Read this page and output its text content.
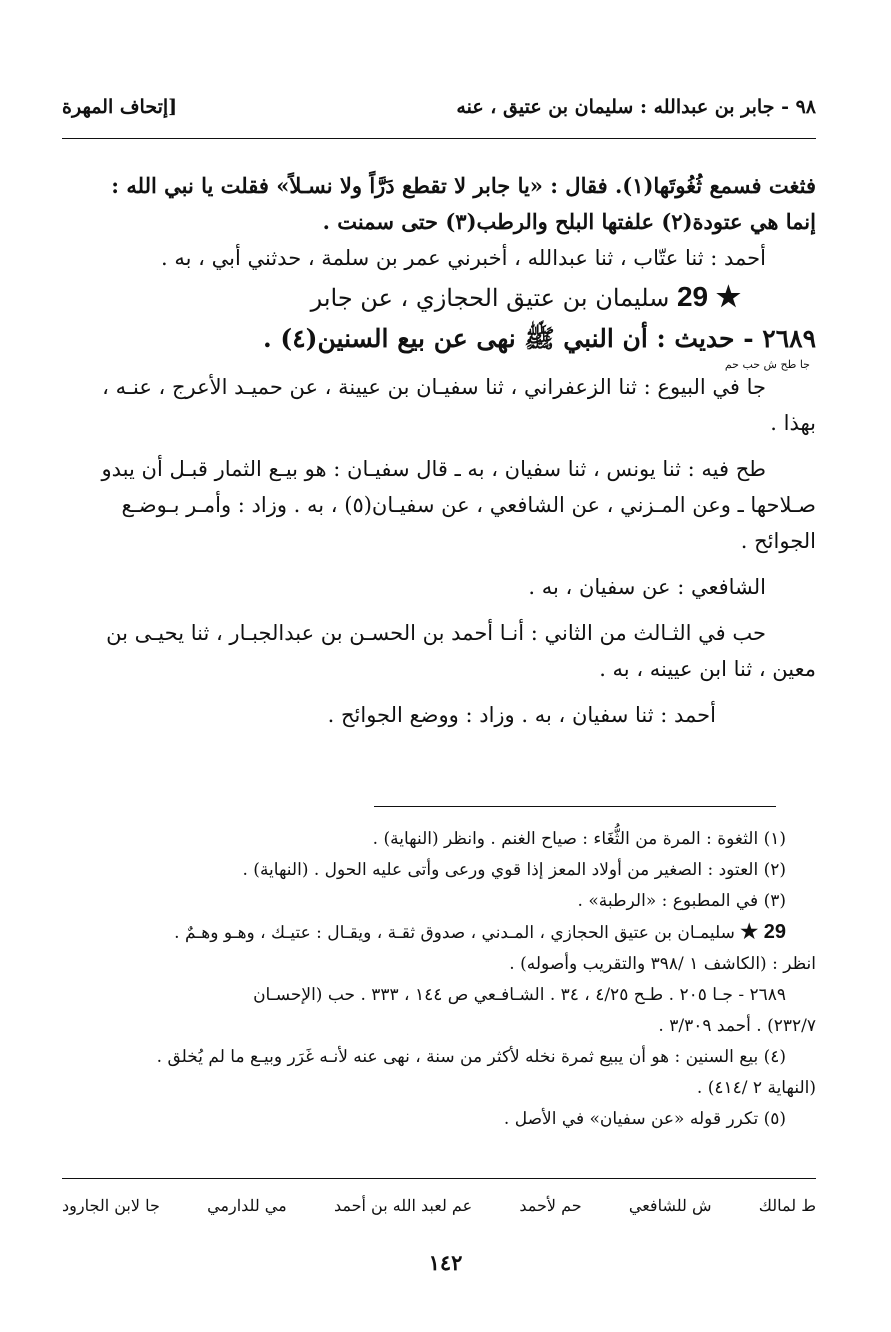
٩٨ - جابر بن عبدالله : سليمان بن عتيق ، عنه
[إتحاف المهرة

فثغت فسمع ثُغُوتَها(١). فقال : «يا جابر لا تقطع دَرَّاً ولا نسـلاً» فقلت يا نبي الله :

إنما هي عتودة(٢) علفتها البلح والرطب(٣) حتى سمنت .

أحمد : ثنا عتّاب ، ثنا عبدالله ، أخبرني عمر بن سلمة ، حدثني أبي ، به .

29 ★ سليمان بن عتيق الحجازي ، عن جابر

٢٦٨٩ - حديث : أن النبي ﷺ نهى عن بيع السنين(٤) .

جا طح ش حب حم

جا في البيوع : ثنا الزعفراني ، ثنا سفيـان بن عيينة ، عن حميـد الأعرج ، عنـه ،

بهذا .

طح فيه : ثنا يونس ، ثنا سفيان ، به ـ قال سفيـان : هو بيـع الثمار قبـل أن يبدو

صـلاحها ـ وعن المـزني ، عن الشافعي ، عن سفيـان(٥) ، به . وزاد : وأمـر بـوضـع

الجوائح .

الشافعي : عن سفيان ، به .

حب في الثـالث من الثاني : أنـا أحمد بن الحسـن بن عبدالجبـار ، ثنا يحيـى بن

معين ، ثنا ابن عيينه ، به .

أحمد : ثنا سفيان ، به . وزاد : ووضع الجوائح .

(١) الثغوة : المرة من الثُّغَاء : صياح الغنم . وانظر (النهاية) .

(٢) العتود : الصغير من أولاد المعز إذا قوي ورعى وأتى عليه الحول . (النهاية) .

(٣) في المطبوع : «الرطبة» .

29 ★ سليمـان بن عتيق الحجازي ، المـدني ، صدوق ثقـة ، ويقـال : عتيـك ، وهـو وهـمٌ .

انظر : (الكاشف ١ /٣٩٨ والتقريب وأصوله) .

٢٦٨٩ - جـا ٢٠٥ . طـح ٤/٢٥ ، ٣٤ . الشـافـعي ص ١٤٤ ، ٣٣٣ . حب (الإحسـان

٢٣٢/٧) . أحمد ٣/٣٠٩ .

(٤) بيع السنين : هو أن يبيع ثمرة نخله لأكثر من سنة ، نهى عنه لأنـه غَرَر وبيـع ما لم يُخلق .

(النهاية ٢ /٤١٤) .

(٥) تكرر قوله «عن سفيان» في الأصل .

ط لمالك
ش للشافعي
حم لأحمد
عم لعبد الله بن أحمد
مي للدارمي
جا لابن الجارود
١٤٢
